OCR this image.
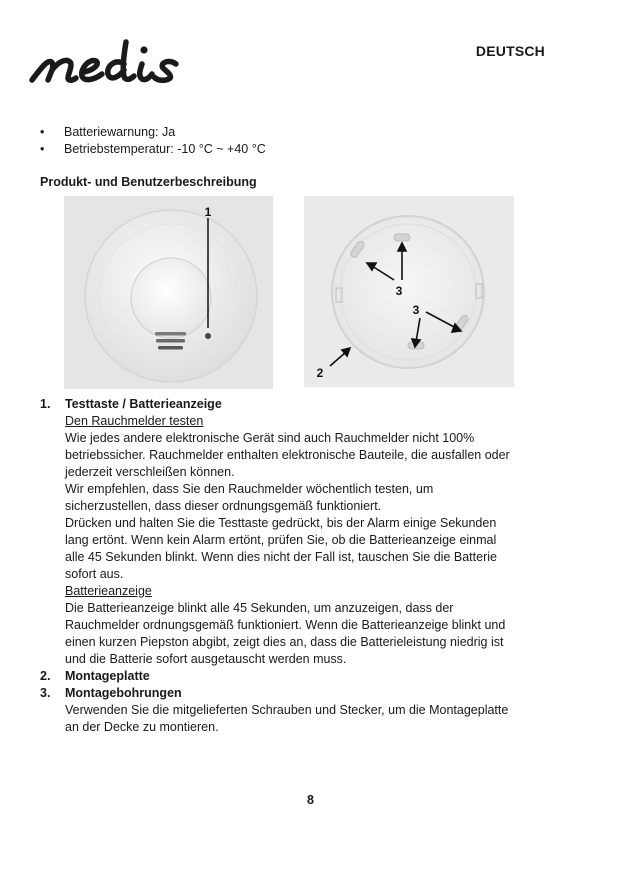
DEUTSCH
•	Batteriewarnung: Ja
•	Betriebstemperatur: -10 °C ~ +40 °C
Produkt- und Benutzerbeschreibung
1
3
3
2
1.	Testtaste / Batterieanzeige
Den Rauchmelder testen
Wie jedes andere elektronische Gerät sind auch Rauchmelder nicht 100%
betriebssicher. Rauchmelder enthalten elektronische Bauteile, die ausfallen oder
jederzeit verschleißen können.
Wir empfehlen, dass Sie den Rauchmelder wöchentlich testen, um
sicherzustellen, dass dieser ordnungsgemäß funktioniert.
Drücken und halten Sie die Testtaste gedrückt, bis der Alarm einige Sekunden
lang ertönt. Wenn kein Alarm ertönt, prüfen Sie, ob die Batterieanzeige einmal
alle 45 Sekunden blinkt. Wenn dies nicht der Fall ist, tauschen Sie die Batterie
sofort aus.
Batterieanzeige
Die Batterieanzeige blinkt alle 45 Sekunden, um anzuzeigen, dass der
Rauchmelder ordnungsgemäß funktioniert. Wenn die Batterieanzeige blinkt und
einen kurzen Piepston abgibt, zeigt dies an, dass die Batterieleistung niedrig ist
und die Batterie sofort ausgetauscht werden muss.
2.	Montageplatte
3.	Montagebohrungen
Verwenden Sie die mitgelieferten Schrauben und Stecker, um die Montageplatte
an der Decke zu montieren.
8
